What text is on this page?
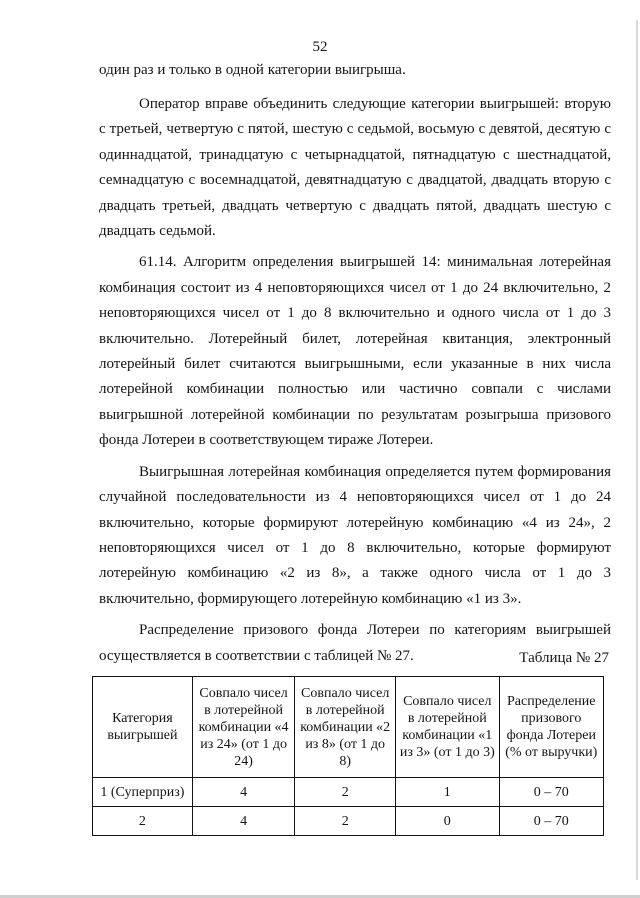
52

один раз и только в одной категории выигрыша.

Оператор вправе объединить следующие категории выигрышей: вторую с третьей, четвертую с пятой, шестую с седьмой, восьмую с девятой, десятую с одиннадцатой, тринадцатую с четырнадцатой, пятнадцатую с шестнадцатой, семнадцатую с восемнадцатой, девятнадцатую с двадцатой, двадцать вторую с двадцать третьей, двадцать четвертую с двадцать пятой, двадцать шестую с двадцать седьмой.

61.14. Алгоритм определения выигрышей 14: минимальная лотерейная комбинация состоит из 4 неповторяющихся чисел от 1 до 24 включительно, 2 неповторяющихся чисел от 1 до 8 включительно и одного числа от 1 до 3 включительно. Лотерейный билет, лотерейная квитанция, электронный лотерейный билет считаются выигрышными, если указанные в них числа лотерейной комбинации полностью или частично совпали с числами выигрышной лотерейной комбинации по результатам розыгрыша призового фонда Лотереи в соответствующем тираже Лотереи.

Выигрышная лотерейная комбинация определяется путем формирования случайной последовательности из 4 неповторяющихся чисел от 1 до 24 включительно, которые формируют лотерейную комбинацию «4 из 24», 2 неповторяющихся чисел от 1 до 8 включительно, которые формируют лотерейную комбинацию «2 из 8», а также одного числа от 1 до 3 включительно, формирующего лотерейную комбинацию «1 из 3».

Распределение призового фонда Лотереи по категориям выигрышей осуществляется в соответствии с таблицей № 27.	Таблица № 27
Категория выигрышей	Совпало чисел в лотерейной комбинации «4 из 24» (от 1 до 24)	Совпало чисел в лотерейной комбинации «2 из 8» (от 1 до 8)	Совпало чисел в лотерейной комбинации «1 из 3» (от 1 до 3)	Распределение призового фонда Лотереи (% от выручки)
1 (Суперприз)	4	2	1	0 – 70
2	4	2	0	0 – 70
